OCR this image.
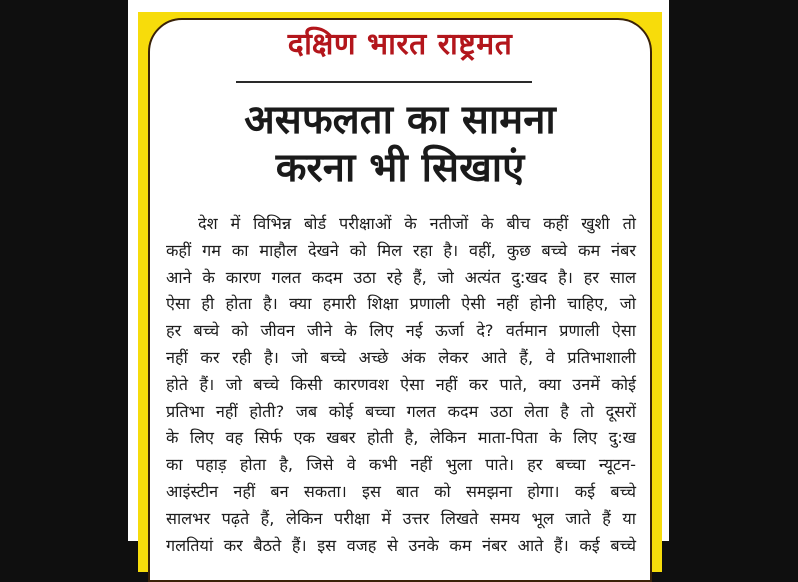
दक्षिण भारत राष्ट्रमत
असफलता का सामना
करना भी सिखाएं
देश में विभिन्न बोर्ड परीक्षाओं के नतीजों के बीच कहीं खुशी तो
कहीं गम का माहौल देखने को मिल रहा है। वहीं, कुछ बच्चे कम नंबर
आने के कारण गलत कदम उठा रहे हैं, जो अत्यंत दु:खद है। हर साल
ऐसा ही होता है। क्या हमारी शिक्षा प्रणाली ऐसी नहीं होनी चाहिए, जो
हर बच्चे को जीवन जीने के लिए नई ऊर्जा दे? वर्तमान प्रणाली ऐसा
नहीं कर रही है। जो बच्चे अच्छे अंक लेकर आते हैं, वे प्रतिभाशाली
होते हैं। जो बच्चे किसी कारणवश ऐसा नहीं कर पाते, क्या उनमें कोई
प्रतिभा नहीं होती? जब कोई बच्चा गलत कदम उठा लेता है तो दूसरों
के लिए वह सिर्फ एक खबर होती है, लेकिन माता-पिता के लिए दु:ख
का पहाड़ होता है, जिसे वे कभी नहीं भुला पाते। हर बच्चा न्यूटन-
आइंस्टीन नहीं बन सकता। इस बात को समझना होगा। कई बच्चे
सालभर पढ़ते हैं, लेकिन परीक्षा में उत्तर लिखते समय भूल जाते हैं या
गलतियां कर बैठते हैं। इस वजह से उनके कम नंबर आते हैं। कई बच्चे
